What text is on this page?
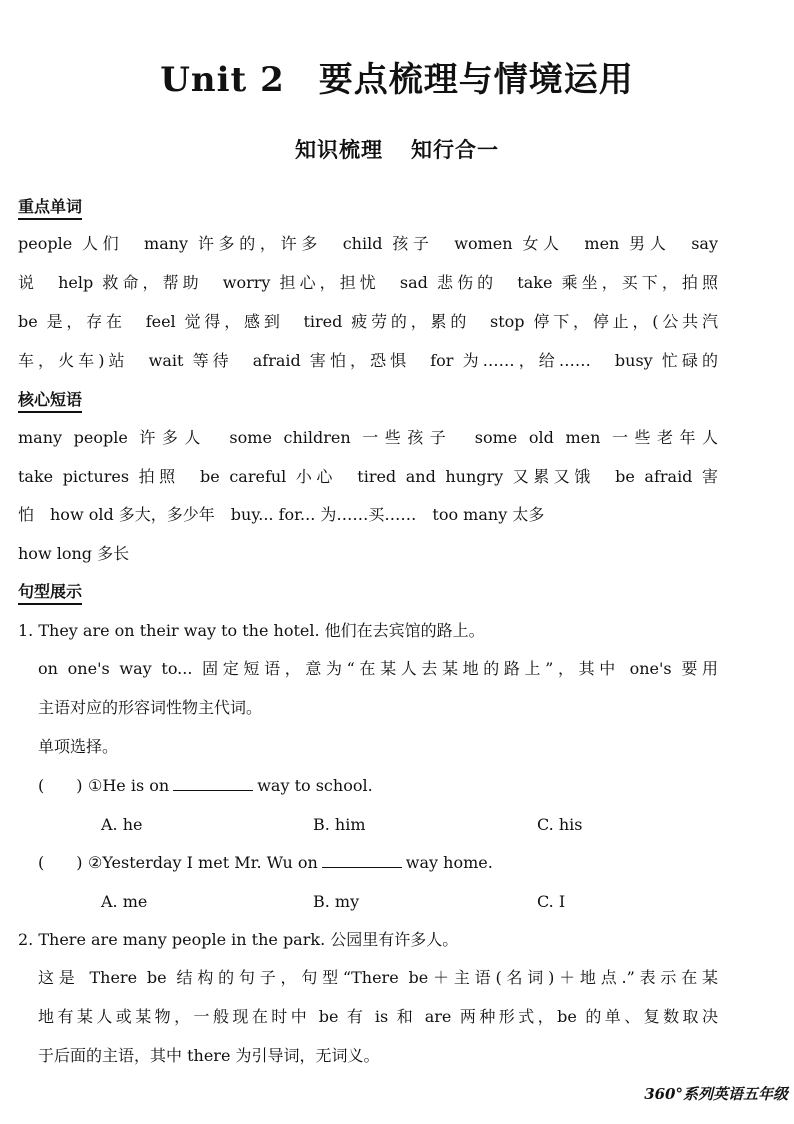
Unit 2 要点梳理与情境运用
知识梳理 知行合一
重点单词
people 人们　many 许多的，许多　child 孩子　women 女人　men 男人　say
说　help 救命，帮助　worry 担心，担忧　sad 悲伤的　take 乘坐，买下，拍照
be 是，存在　feel 觉得，感到　tired 疲劳的，累的　stop 停下，停止，(公共汽
车，火车)站　wait 等待　afraid 害怕，恐惧　for 为……，给……　busy 忙碌的
核心短语
many people 许多人　some children 一些孩子　some old men 一些老年人
take pictures 拍照　be careful 小心　tired and hungry 又累又饿　be afraid 害
怕　how old 多大，多少年　buy... for... 为……买……　too many 太多
how long 多长
句型展示
1. They are on their way to the hotel. 他们在去宾馆的路上。
on one's way to... 固定短语，意为“在某人去某地的路上”，其中 one's 要用
主语对应的形容词性物主代词。
单项选择。
(　　) ①He is on	way to school.
A. he	B. him	C. his
(　　) ②Yesterday I met Mr. Wu on	way home.
A. me	B. my	C. I
2. There are many people in the park. 公园里有许多人。
这是 There be 结构的句子，句型“There be＋主语(名词)＋地点.”表示在某
地有某人或某物，一般现在时中 be 有 is 和 are 两种形式，be 的单、复数取决
于后面的主语，其中 there 为引导词，无词义。
360°系列英语五年级
